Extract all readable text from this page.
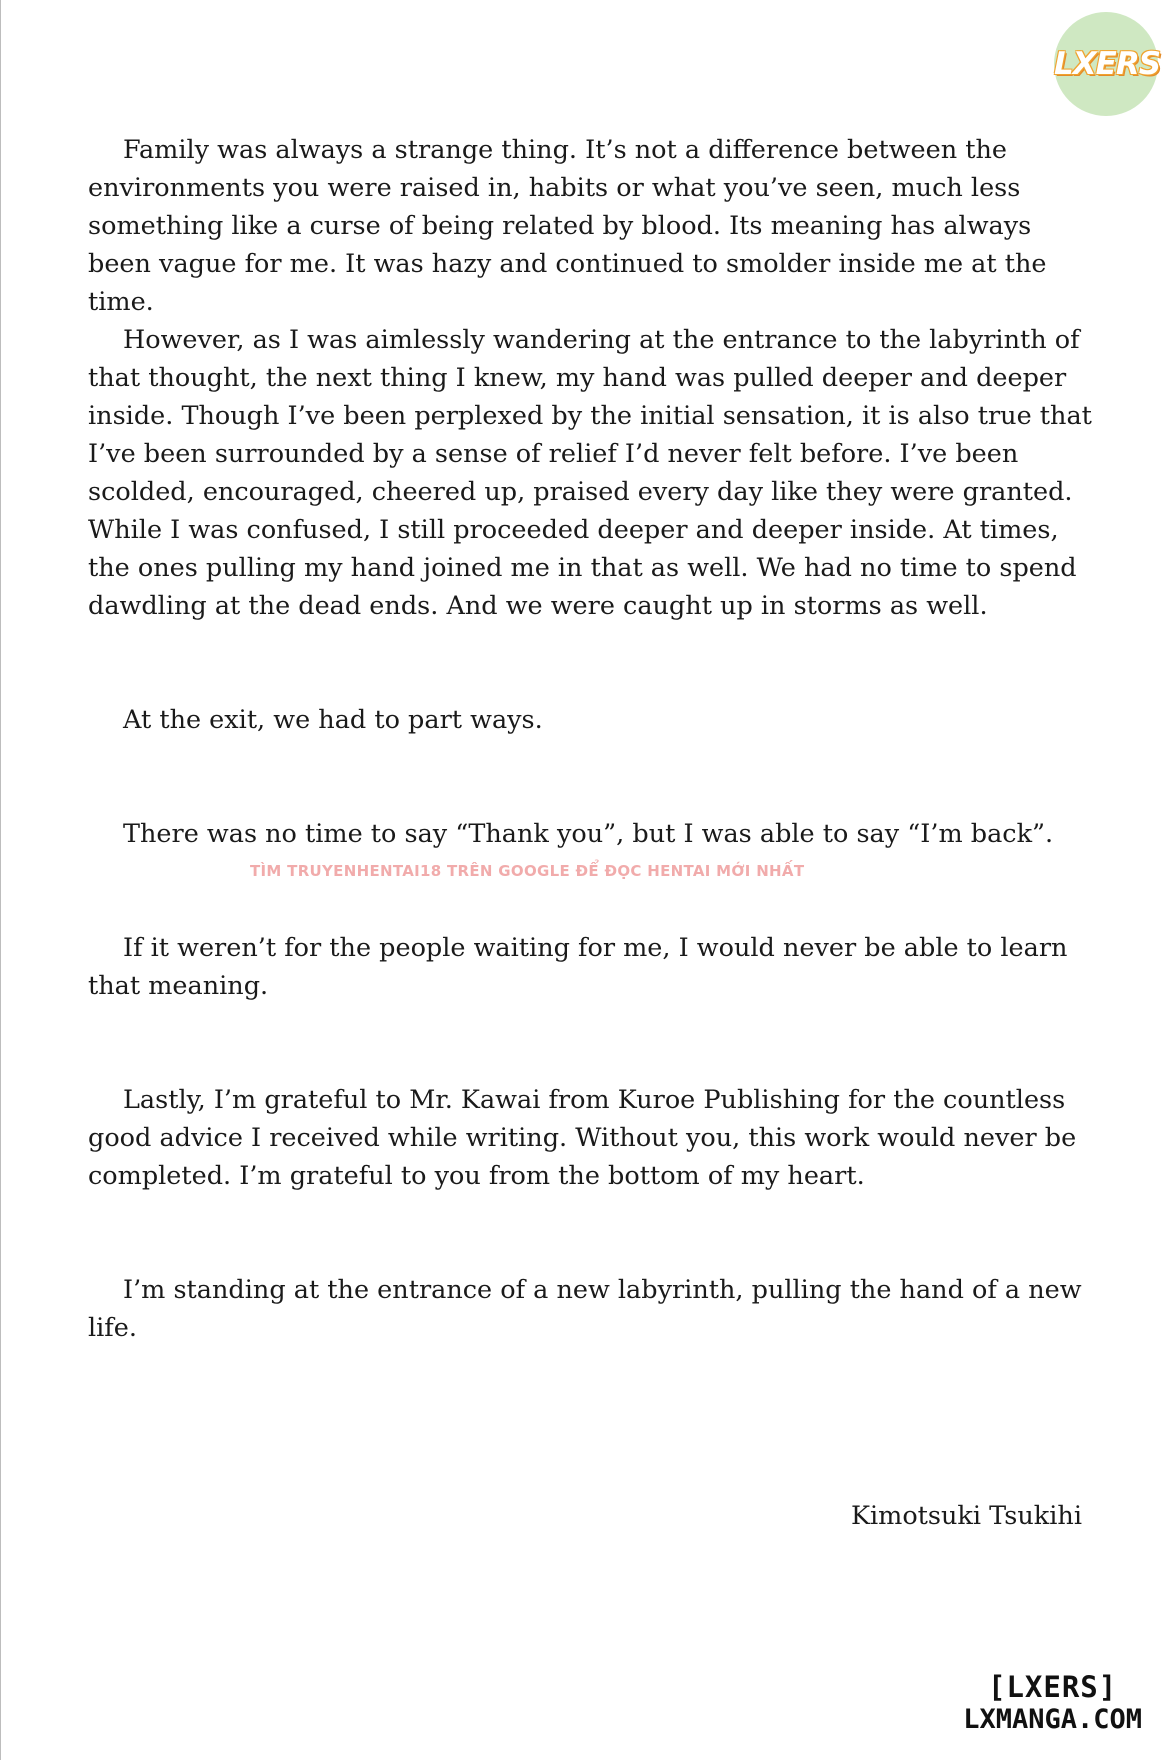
LXERS

Family was always a strange thing. It’s not a difference between the environments you were raised in, habits or what you’ve seen, much less something like a curse of being related by blood. Its meaning has always been vague for me. It was hazy and continued to smolder inside me at the time.

However, as I was aimlessly wandering at the entrance to the labyrinth of that thought, the next thing I knew, my hand was pulled deeper and deeper inside. Though I’ve been perplexed by the initial sensation, it is also true that I’ve been surrounded by a sense of relief I’d never felt before. I’ve been scolded, encouraged, cheered up, praised every day like they were granted. While I was confused, I still proceeded deeper and deeper inside. At times, the ones pulling my hand joined me in that as well. We had no time to spend dawdling at the dead ends. And we were caught up in storms as well.

At the exit, we had to part ways.

There was no time to say “Thank you”, but I was able to say “I’m back”.

If it weren’t for the people waiting for me, I would never be able to learn that meaning.

Lastly, I’m grateful to Mr. Kawai from Kuroe Publishing for the countless good advice I received while writing. Without you, this work would never be completed. I’m grateful to you from the bottom of my heart.

I’m standing at the entrance of a new labyrinth, pulling the hand of a new life.

Kimotsuki Tsukihi
TÌM TRUYENHENTAI18 TRÊN GOOGLE ĐỂ ĐỌC HENTAI MỚI NHẤT
[LXERS]
LXMANGA.COM
